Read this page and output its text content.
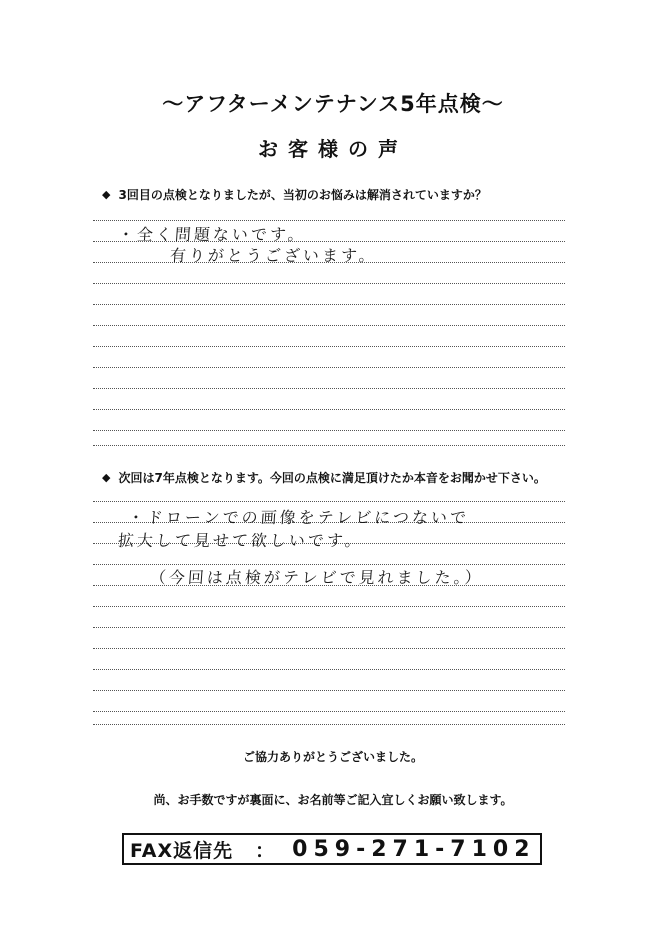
〜アフターメンテナンス5年点検〜
お客様の声
◆ 3回目の点検となりましたが、当初のお悩みは解消されていますか？
・全く問題ないです。
有りがとうございます。
◆ 次回は7年点検となります。今回の点検に満足頂けたか本音をお聞かせ下さい。
・ドローンでの画像をテレビにつないで
拡大して見せて欲しいです。
（今回は点検がテレビで見れました。）
ご協力ありがとうございました。
尚、お手数ですが裏面に、お名前等ご記入宜しくお願い致します。
FAX返信先 ： 059-271-7102
